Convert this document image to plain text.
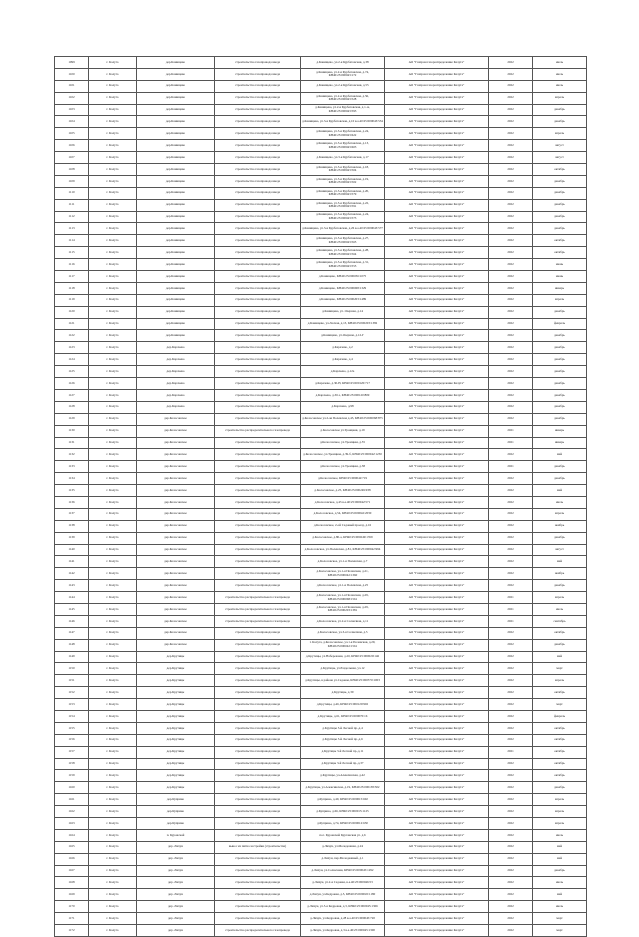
1099	г. Калуга	дер.Канищево	строительство газопровода ввода	д.Канищево, ул.2-я Курбатовская, д.38	АО "Газпром газораспределение Калуга"	2022	июль
1100	г. Калуга	дер.Канищево	строительство газопровода ввода	д.Канищево, ул.2-я Курбатовская, д.74, КН40:25:000043:172	АО "Газпром газораспределение Калуга"	2022	июль
1101	г. Калуга	дер.Канищево	строительство газопровода ввода	д.Канищево, ул.2-я Курбатовская, д.55	АО "Газпром газораспределение Калуга"	2022	июль
1102	г. Калуга	дер.Канищево	строительство газопровода ввода	д.Канищево, ул.2-я Курбатовская, д.56, КН40:25:000043:528	АО "Газпром газораспределение Калуга"	2022	апрель
1103	г. Калуга	дер.Канищево	строительство газопровода ввода	д.Канищево, ул.2-я Курбатовская, д.1-А, КН40:25:000043:593	АО "Газпром газораспределение Калуга"	2022	декабрь
1104	г. Калуга	дер.Канищево	строительство газопровода ввода	д.Канищево, ул.3-я Курбатовская, д.10 в.а.40:25:000043:534	АО "Газпром газораспределение Калуга"	2022	декабрь
1105	г. Калуга	дер.Канищево	строительство газопровода ввода	д.Канищево, ул.3-я Курбатовская, д.24, КН40:25:000043:622	АО "Газпром газораспределение Калуга"	2022	апрель
1106	г. Калуга	дер.Канищево	строительство газопровода ввода	д.Канищево, ул.3-я Курбатовская, д.13, КН40:25:000043:603	АО "Газпром газораспределение Калуга"	2022	август
1107	г. Калуга	дер.Канищево	строительство газопровода ввода	д.Канищево, ул.3-я Курбатовская, д.17	АО "Газпром газораспределение Калуга"	2022	август
1108	г. Калуга	дер.Канищево	строительство газопровода ввода	д.Канищево, ул.3-я Курбатовская, д.18, КН40:25:000043:504	АО "Газпром газораспределение Калуга"	2022	октябрь
1109	г. Калуга	дер.Канищево	строительство газопровода ввода	д.Канищево, ул.3-я Курбатовская, д.19, КН40:25:000043:502	АО "Газпром газораспределение Калуга"	2022	декабрь
1110	г. Калуга	дер.Канищево	строительство газопровода ввода	д.Канищево, ул.3-я Курбатовская, д.20, КН40:25:000043:579	АО "Газпром газораспределение Калуга"	2022	декабрь
1111	г. Калуга	дер.Канищево	строительство газопровода ввода	д.Канищево, ул.3-я Курбатовская, д.22, КН40:25:000043:591	АО "Газпром газораспределение Калуга"	2022	декабрь
1112	г. Калуга	дер.Канищево	строительство газопровода ввода	д.Канищево, ул.3-я Курбатовская, д.24, КН40:25:000043:573	АО "Газпром газораспределение Калуга"	2022	декабрь
1113	г. Калуга	дер.Канищево	строительство газопровода ввода	д.Канищево, ул.3-я Курбатовская, д.26 в.а.40:25:000043:577	АО "Газпром газораспределение Калуга"	2022	декабрь
1114	г. Калуга	дер.Канищево	строительство газопровода ввода	д.Канищево, ул.3-я Курбатовская, д.27, КН40:25:000043:565	АО "Газпром газораспределение Калуга"	2022	октябрь
1115	г. Калуга	дер.Канищево	строительство газопровода ввода	д.Канищево, ул.3-я Курбатовская, д.28, КН40:25:000043:564	АО "Газпром газораспределение Калуга"	2022	октябрь
1116	г. Калуга	дер.Канищево	строительство газопровода ввода	д.Канищево, ул.3-я Курбатовская, д.31, КН40:25:000043:555	АО "Газпром газораспределение Калуга"	2022	июнь
1117	г. Калуга	дер.Канищево	строительство газопровода ввода	д.Канищево, КН40:25:000036:1075	АО "Газпром газораспределение Калуга"	2022	июнь
1118	г. Калуга	дер.Канищево	строительство газопровода ввода	д.Канищево, КН40:25:000068:1329	АО "Газпром газораспределение Калуга"	2022	январь
1119	г. Калуга	дер.Канищево	строительство газопровода ввода	д.Канищево, КН40:25:000203:1489	АО "Газпром газораспределение Калуга"	2022	апрель
1120	г. Калуга	дер.Канищево	строительство газопровода ввода	д.Канищево, ул. Озерная, д.14	АО "Газпром газораспределение Калуга"	2022	декабрь
1121	г. Калуга	дер.Канищево	строительство газопровода ввода	д.Канищево, ул.Лесная, д.13, КН40:25:000203:1382	АО "Газпром газораспределение Калуга"	2022	февраль
1122	г. Калуга	дер.Канищево	строительство газопровода ввода	д.Канищево, ул.Озерная, д.12-Г	АО "Газпром газораспределение Калуга"	2022	декабрь
1123	г. Калуга	дер.Карачево	строительство газопровода ввода	д.Карачево, д.2	АО "Газпром газораспределение Калуга"	2022	декабрь
1124	г. Калуга	дер.Карачево	строительство газопровода ввода	д.Карачево, д.4	АО "Газпром газораспределение Калуга"	2022	декабрь
1125	г. Калуга	дер.Карачево	строительство газопровода ввода	д.Карачево, д.12а	АО "Газпром газораспределение Калуга"	2022	декабрь
1126	г. Калуга	дер.Карачево	строительство газопровода ввода	д.Карачево, д.30-Н, КН40:25:000120:717	АО "Газпром газораспределение Калуга"	2022	декабрь
1127	г. Калуга	дер.Карачево	строительство газопровода ввода	д.Карачево, д.30-з, КН40:25:000120:809	АО "Газпром газораспределение Калуга"	2022	декабрь
1128	г. Калуга	дер.Карачево	строительство газопровода ввода	д.Карачево, д.98	АО "Газпром газораспределение Калуга"	2022	декабрь
1129	г. Калуга	дер.Колосовское	строительство газопровода ввода	д.Колосовское ул.2-ая Полевская д.43, КН40:25:000068:875	АО "Газпром газораспределение Калуга"	2022	декабрь
1130	г. Калуга	дер.Колосовское	строительство распределительного газопровода	д.Колосовское ул.Троицкая, д.19	АО "Газпром газораспределение Калуга"	2021	январь
1131	г. Калуга	дер.Колосовское	строительство газопровода ввода	д.Колосовское, ул.Троицкая, д.55	АО "Газпром газораспределение Калуга"	2021	январь
1132	г. Калуга	дер.Колосовское	строительство газопровода ввода	д.Колосовское, ул.Троицкая, д.39-б, КН40:25:000042:1230	АО "Газпром газораспределение Калуга"	2022	май
1133	г. Калуга	дер.Колосовское	строительство газопровода ввода	д.Колосовское, ул.Троицкая, д.38	АО "Газпром газораспределение Калуга"	2021	декабрь
1134	г. Калуга	дер.Колосовское	строительство газопровода ввода	д.Колосовское, КН40:25:000042:719	АО "Газпром газораспределение Калуга"	2022	декабрь
1135	г. Калуга	дер.Колосовское	строительство газопровода ввода	д.Колосовское, д.25, КН40:25:000249:938	АО "Газпром газораспределение Калуга"	2022	май
1136	г. Калуга	дер.Колосовское	строительство газопровода ввода	д.Колосовское, д.43 в.а.40:25:000042:571	АО "Газпром газораспределение Калуга"	2022	июль
1137	г. Калуга	дер.Колосовское	строительство газопровода ввода	д.Колосовское, д.54, КН40:25:000042:2030	АО "Газпром газораспределение Калуга"	2022	апрель
1138	г. Калуга	дер.Колосовское	строительство газопровода ввода	д.Колосовское, 2-ой Садовый проезд, д.16	АО "Газпром газораспределение Калуга"	2022	ноябрь
1139	г. Калуга	дер.Колосовское	строительство газопровода ввода	д.Колосовское, д.80-а, КН40:25:000249:1359	АО "Газпром газораспределение Калуга"	2022	декабрь
1140	г. Калуга	дер.Колосовское	строительство газопровода ввода	д.Колосовское, ул.Полевская, д.81, КН40:25:000042:994	АО "Газпром газораспределение Калуга"	2022	август
1141	г. Калуга	дер.Колосовское	строительство газопровода ввода	д.Колосовское, ул.1-я Полевская, д.7	АО "Газпром газораспределение Калуга"	2022	май
1142	г. Калуга	дер.Колосовское	строительство газопровода ввода	д.Колосовское, ул.1-я Полевская, д.21, КН40:25:000042:1360	АО "Газпром газораспределение Калуга"	2022	ноябрь
1143	г. Калуга	дер.Колосовское	строительство газопровода ввода	д.Колосовское, ул.1-я Полевская, д.25	АО "Газпром газораспределение Калуга"	2022	декабрь
1144	г. Калуга	дер.Колосовское	строительство распределительного газопровода	д.Колосовское, ул.1-я Полевская, д.29, КН40:25:000068:1561	АО "Газпром газораспределение Калуга"	2021	апрель
1145	г. Калуга	дер.Колосовское	строительство распределительного газопровода	д.Колосовское, ул.1-я Полевская, д.29, КН40:25:000203:1381	АО "Газпром газораспределение Калуга"	2021	июль
1146	г. Калуга	дер.Колосовское	строительство распределительного газопровода	д.Колосовское, ул.2-я Солнечная, д.11	АО "Газпром газораспределение Калуга"	2021	сентябрь
1147	г. Калуга	дер.Колосовское	строительство газопровода ввода	д.Колосовское, ул.3-я Солнечная, д.5	АО "Газпром газораспределение Калуга"	2022	октябрь
1148	г. Калуга	дер.Колосовское	строительство газопровода ввода	г. Калуга, д.Колосовское, ул.1-я Полевская, д.29, КН40:25:000042:1561	АО "Газпром газораспределение Калуга"	2022	декабрь
1149	г. Калуга	дер.Крутицы	строительство газопровода ввода	д.Крутицы, ул.Набережная, д.20, КН40:25:000020:146	АО "Газпром газораспределение Калуга"	2022	май
1150	г. Калуга	дер.Крутицы	строительство газопровода ввода	д.Крутицы, ул.Раздольная, уч.12	АО "Газпром газораспределение Калуга"	2022	март
1151	г. Калуга	дер.Крутицы	строительство газопровода ввода	д.Крутицы, в районе ул.Садовая, КН40:25:000370:1003	АО "Газпром газораспределение Калуга"	2022	апрель
1152	г. Калуга	дер.Крутицы	строительство газопровода ввода	д.Крутицы, д.39	АО "Газпром газораспределение Калуга"	2022	октябрь
1153	г. Калуга	дер.Крутицы	строительство газопровода ввода	д.Крутицы, д.46, КН40:25:000120:902	АО "Газпром газораспределение Калуга"	2022	март
1154	г. Калуга	дер.Крутицы	строительство газопровода ввода	д.Крутицы, д.61, КН40:25:000070:16	АО "Газпром газораспределение Калуга"	2022	февраль
1155	г. Калуга	дер.Крутицы	строительство газопровода ввода	д.Крутицы 3-й Лесной пр.,д.4	АО "Газпром газораспределение Калуга"	2022	октябрь
1156	г. Калуга	дер.Крутицы	строительство газопровода ввода	д.Крутицы 3-й Лесной пр.,д.6	АО "Газпром газораспределение Калуга"	2022	октябрь
1157	г. Калуга	дер.Крутицы	строительство газопровода ввода	д.Крутицы 3-й Лесной пр.,д.11	АО "Газпром газораспределение Калуга"	2021	октябрь
1158	г. Калуга	дер.Крутицы	строительство газопровода ввода	д.Крутицы 3-й Лесной пр.,д.37	АО "Газпром газораспределение Калуга"	2022	октябрь
1159	г. Калуга	дер.Крутицы	строительство газопровода ввода	д.Крутицы, ул.Алексинская, д.42	АО "Газпром газораспределение Калуга"	2022	октябрь
1160	г. Калуга	дер.Крутицы	строительство газопровода ввода	д.Крутицы, ул.Алексинская, д.19, КН40:25:000138:302	АО "Газпром газораспределение Калуга"	2022	декабрь
1161	г. Калуга	дер.Куприно	строительство газопровода ввода	д.Куприно, д.49, КН40:25:000015:602	АО "Газпром газораспределение Калуга"	2022	апрель
1162	г. Калуга	дер.Куприно	строительство газопровода ввода	д.Куприно, д.66, КН40:25:000015:1125	АО "Газпром газораспределение Калуга"	2022	апрель
1163	г. Калуга	дер.Куприно	строительство газопровода ввода	д.Куприно, д.74, КН40:25:000012:630	АО "Газпром газораспределение Калуга"	2022	апрель
1164	г. Калуга	п. Куровской	строительство газопровода ввода	пос. Куровской Курганская ул. д.6	АО "Газпром газораспределение Калуга"	2022	июль
1165	г. Калуга	дер. Лихун	вынос из пятна застройки (строительства)	д.Лихун, ул.Молодежная, д.24	АО "Газпром газораспределение Калуга"	2022	май
1166	г. Калуга	дер. Лихун	строительство газопровода ввода	д.Лихун, пер.Молодежный, д.1	АО "Газпром газораспределение Калуга"	2022	май
1167	г. Калуга	дер. Лихун	строительство газопровода ввода	д.Лихун, ул.Солнечная, КН40:25:000045:1292	АО "Газпром газораспределение Калуга"	2022	декабрь
1168	г. Калуга	дер. Лихун	строительство газопровода ввода	д.Лихун, ул.2-я Садовая, в.а.40:25:000046:53	АО "Газпром газораспределение Калуга"	2022	июль
1169	г. Калуга	дер. Лихун	строительство газопровода ввода	д.Лихун, ул.Кедровая, д.5, КН40:25:000045:1180	АО "Газпром газораспределение Калуга"	2022	май
1170	г. Калуга	дер. Лихун	строительство газопровода ввода	д.Лихун, ул.5-я Кедровая, д.3, КН40:25:000045:1306	АО "Газпром газораспределение Калуга"	2022	июль
1171	г. Калуга	дер. Лихун	строительство газопровода ввода	д.Лихун, ул.Кедровая, д.28 в.а.40:25:000045:720	АО "Газпром газораспределение Калуга"	2022	март
1172	г. Калуга	дер. Лихун	строительство распределительного газопровода	д.Лихун, ул.Кедровая, д.3 в.а.40:25:000045:1300	АО "Газпром газораспределение Калуга"	2022	март
